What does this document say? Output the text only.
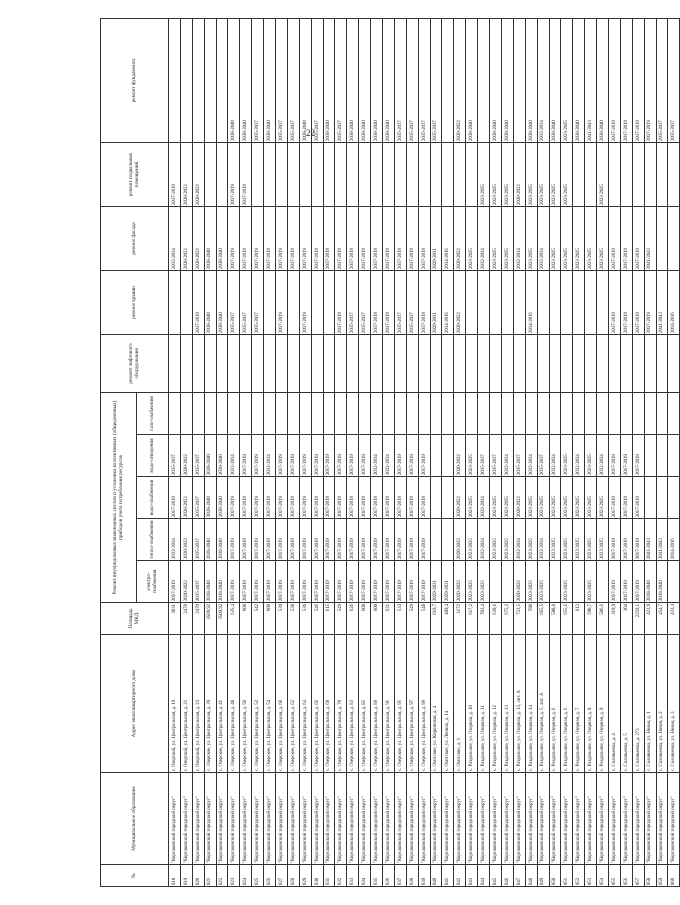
22
№	Муниципальное образование	Адрес многоквартирного дома	Площадь МКД	Ремонт внутридомовых инженерных систем и установка коллективных (общедомовых) приборов учета потребления ресурсов					ремонт лифтового оборудования	ремонт крыши	ремонт фасада	ремонт подвальных помещений	ремонт фундамента
				электро-снабжения	тепло-снабжения	водо-снабжения	водо-отведения	газо-снабжения					
818	"Корсаковский городской округ"	г. Озерский, ул. Центральная, д. 19	3031	2017-2019	2032-2034	2017-2019	2035-2037				2032-2034	2017-2019	
819	"Корсаковский городской округ"	г. Озерский, ул. Центральная, д. 21	2470	2020-2022	2020-2022	2020-2022	2020-2022				2020-2022	2020-2022	
820	"Корсаковский городской округ"	г. Озерский, ул. Центральная, д. 23	2470	2035-2037	2035-2037	2035-2037	2035-2037			2017-2019	2020-2022	2020-2022	
821	"Корсаковский городской округ"	с. Озерское, ул. Центральная, д. 39	3509,92	2038-2040	2038-2040	2038-2040	2038-2040			2038-2040	2038-2040		
822	"Корсаковский городской округ"	с. Озерское, ул. Центральная, д. 41	3509,92	2038-2040	2038-2040	2038-2040	2038-2040			2038-2040	2038-2040		
823	"Корсаковский городской округ"	с. Озерское, ул. Центральная, д. 48	635,4	2017-2019	2017-2019	2017-2019	2032-2034			2035-2037	2017-2019	2017-2019	2038-2040
824	"Корсаковский городской округ"	с. Озерское, ул. Центральная, д. 50	608	2017-2019	2017-2019	2017-2019	2017-2019			2035-2037	2017-2019	2017-2019	2038-2040
825	"Корсаковский городской округ"	с. Озерское, ул. Центральная, д. 52	542	2017-2019	2017-2019	2017-2019	2017-2019			2035-2037	2017-2019		2035-2037
826	"Корсаковский городской округ"	с. Озерское, ул. Центральная, д. 54	600	2017-2019	2017-2019	2017-2019	2032-2034				2017-2019		2038-2040
827	"Корсаковский городской округ"	с. Озерское, ул. Центральная, д. 60	539	2017-2019	2017-2019	2017-2019	2017-2019			2017-2019	2017-2019		2035-2037
828	"Корсаковский городской округ"	с. Озерское, ул. Центральная, д. 62	538	2017-2019	2017-2019	2017-2019	2017-2019				2017-2019		2035-2037
829	"Корсаковский городской округ"	с. Озерское, ул. Центральная, д. 64	536	2017-2019	2017-2019	2017-2019	2017-2019			2017-2019	2017-2019		2038-2040
830	"Корсаковский городской округ"	с. Озерское, ул. Центральная, д. 66	546	2017-2019	2017-2019	2017-2019	2017-2019				2017-2019		2035-2037
831	"Корсаковский городской округ"	с. Озерское, ул. Центральная, д. 68	615	2017-2019	2017-2019	2017-2019	2017-2019				2017-2019		2038-2040
832	"Корсаковский городской округ"	с. Озерское, ул. Центральная, д. 70	549	2017-2019	2017-2019	2017-2019	2017-2019			2017-2019	2017-2019		2035-2037
833	"Корсаковский городской округ"	с. Озерское, ул. Центральная, д. 83	626	2017-2019	2017-2019	2017-2019	2017-2019			2035-2037	2017-2019		2038-2040
834	"Корсаковский городской округ"	с. Озерское, ул. Центральная, д. 85	608	2017-2019	2017-2019	2017-2019	2017-2019			2035-2037	2017-2019		2038-2040
835	"Корсаковский городской округ"	с. Озерское, ул. Центральная, д. 89	600	2017-2019	2017-2019	2017-2019	2032-2034			2017-2019	2017-2019		2038-2040
836	"Корсаковский городской округ"	с. Озерское, ул. Центральная, д. 91	621	2017-2019	2017-2019	2017-2019	2032-2034			2017-2019	2017-2019		2038-2040
837	"Корсаковский городской округ"	с. Озерское, ул. Центральная, д. 95	533	2017-2019	2017-2019	2017-2019	2017-2019			2035-2037	2017-2019		2035-2037
838	"Корсаковский городской округ"	с. Озерское, ул. Центральная, д. 97	549	2017-2019	2017-2019	2017-2019	2017-2019			2035-2037	2017-2019		2035-2037
839	"Корсаковский городской округ"	с. Озерское, ул. Центральная, д. 99	548	2017-2019	2017-2019	2017-2019	2017-2019			2017-2019	2017-2019		2035-2037
840	"Корсаковский городской округ"	с. Охотское, ул. Кирпичная, д. 4	619,7	2029-2031						2029-2031	2029-2031		2035-2037
841	"Корсаковский городской округ"	с. Охотское, ул. Ленина, д. 14	489,4	2029-2031						2014-2016	2014-2016		
842	"Корсаковский городской округ"	с. Охотское, д. 1	1172	2020-2022	2020-2022	2020-2022	2020-2022			2020-2022	2020-2022		2020-2022
843	"Корсаковский городской округ"	с. Раздольное, ул. Озерная, д. 10	617,2	2023-2025	2023-2025	2023-2025	2023-2025				2023-2025		2038-2040
844	"Корсаковский городской округ"	с. Раздольное, ул. Озерная, д. 11	703,4	2023-2025	2032-2034	2032-2034	2035-2037				2032-2034	2023-2025	
845	"Корсаковский городской округ"	с. Раздольное, ул. Озерная, д. 12	639,6		2023-2025	2023-2025	2035-2037				2023-2025	2023-2025	2038-2040
846	"Корсаковский городской округ"	с. Раздольное, ул. Озерная, д. 13	675,2		2023-2025	2023-2025	2032-2034				2023-2025	2023-2025	2038-2040
847	"Корсаковский городской округ"	с. Раздольное, ул. Озерная, д. 13, лит. А	723,5	2020-2022	2032-2034	2020-2022	2035-2037				2032-2034	2020-2022	
848	"Корсаковский городской округ"	с. Раздольное, ул. Озерная, д. 14	590	2023-2025	2023-2025	2023-2025	2032-2034			2014-2016	2023-2025	2023-2025	2038-2040
849	"Корсаковский городской округ"	с. Раздольное, ул. Озерная, д. 5, лит. А	665,5	2023-2025	2032-2034	2023-2025	2035-2037				2032-2034	2023-2025	2032-2034
850	"Корсаковский городской округ"	с. Раздольное, ул. Озерная, д. 6	588,8		2023-2025	2023-2025	2032-2034				2023-2025	2023-2025	2038-2040
851	"Корсаковский городской округ"	с. Раздольное, ул. Озерная, д. 6	655,6	2023-2025	2023-2025	2023-2025	2023-2025				2023-2025	2023-2025	2023-2025
852	"Корсаковский городской округ"	с. Раздольное, ул. Озерная, д. 7	612		2023-2025	2023-2025	2032-2034				2023-2025		2038-2040
853	"Корсаковский городской округ"	с. Раздольное, ул. Озерная, д. 8	590,7	2023-2025	2023-2025	2023-2025	2023-2025				2023-2025		2041-2043
854	"Корсаковский городской округ"	с. Раздольное, ул. Озерная, д. 9	586,6		2023-2025	2023-2025	2032-2034				2023-2025	2023-2025	2038-2040
855	"Корсаковский городской округ"	с. Соловьевка, д. 4	319,9	2017-2019	2017-2019	2017-2019	2017-2019			2017-2019	2017-2019		2017-2019
856	"Корсаковский городской округ"	с. Соловьевка, д. 5	304	2017-2019	2017-2019	2017-2019	2017-2019			2017-2019	2017-2019		2017-2019
857	"Корсаковский городской округ"	с. Соловьевка, д. 273	2259,1	2017-2019	2017-2019	2017-2019	2017-2019			2017-2019	2017-2019		2017-2019
858	"Корсаковский городской округ"	с. Соловьевка, ул. Новая, д. 1	423,9	2038-2040	2041-2043					2017-2019	2041-2043		2017-2019
859	"Корсаковский городской округ"	с. Соловьевка, ул. Новая, д. 2	454,7	2038-2040	2041-2043					2041-2043			2035-2037
860	"Корсаковский городской округ"	с. Соловьевка, ул. Новая, д. 3	433,3		2014-2016					2014-2016			2035-2037
